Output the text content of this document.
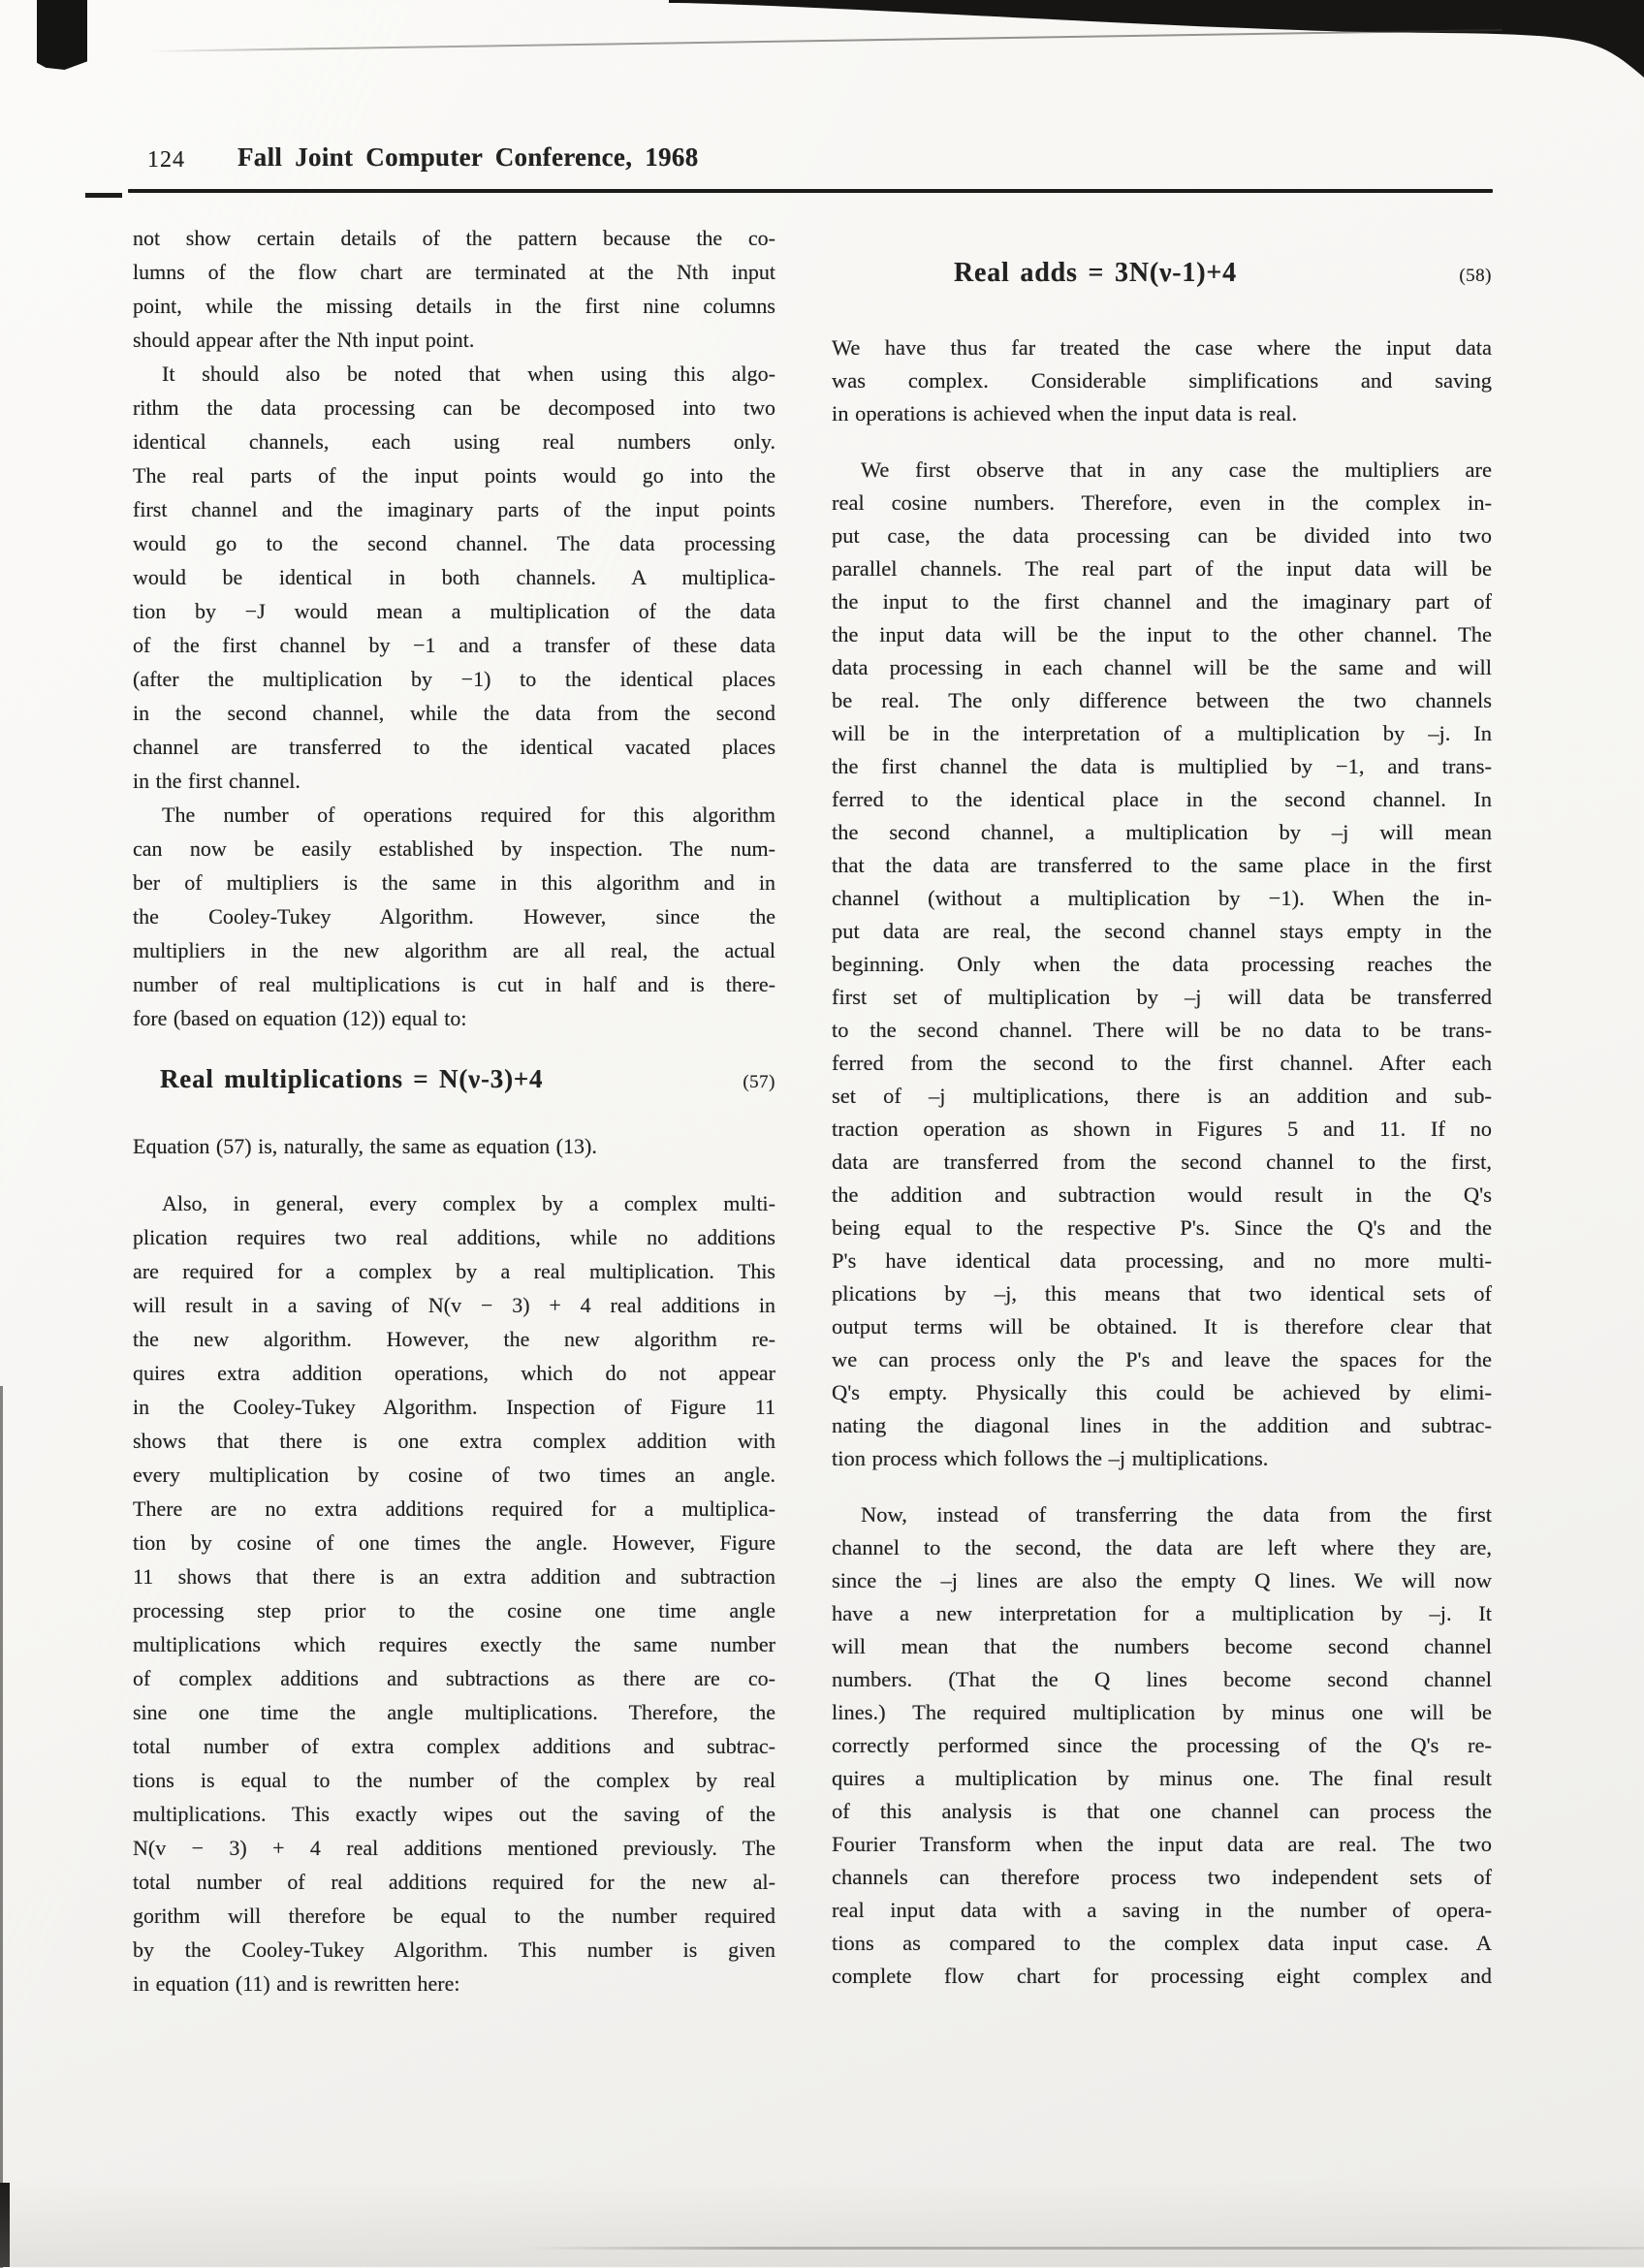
124 Fall Joint Computer Conference, 1968
not show certain details of the pattern because the co-
lumns of the flow chart are terminated at the Nth input
point, while the missing details in the first nine columns
should appear after the Nth input point.
It should also be noted that when using this algo-
rithm the data processing can be decomposed into two
identical channels, each using real numbers only.
The real parts of the input points would go into the
first channel and the imaginary parts of the input points
would go to the second channel. The data processing
would be identical in both channels. A multiplica-
tion by −J would mean a multiplication of the data
of the first channel by −1 and a transfer of these data
(after the multiplication by −1) to the identical places
in the second channel, while the data from the second
channel are transferred to the identical vacated places
in the first channel.
The number of operations required for this algorithm
can now be easily established by inspection. The num-
ber of multipliers is the same in this algorithm and in
the Cooley-Tukey Algorithm. However, since the
multipliers in the new algorithm are all real, the actual
number of real multiplications is cut in half and is there-
fore (based on equation (12)) equal to:
Real multiplications = N(ν-3)+4	(57)
Equation (57) is, naturally, the same as equation (13).
Also, in general, every complex by a complex multi-
plication requires two real additions, while no additions
are required for a complex by a real multiplication. This
will result in a saving of N(v − 3) + 4 real additions in
the new algorithm. However, the new algorithm re-
quires extra addition operations, which do not appear
in the Cooley-Tukey Algorithm. Inspection of Figure 11
shows that there is one extra complex addition with
every multiplication by cosine of two times an angle.
There are no extra additions required for a multiplica-
tion by cosine of one times the angle. However, Figure
11 shows that there is an extra addition and subtraction
processing step prior to the cosine one time angle
multiplications which requires exectly the same number
of complex additions and subtractions as there are co-
sine one time the angle multiplications. Therefore, the
total number of extra complex additions and subtrac-
tions is equal to the number of the complex by real
multiplications. This exactly wipes out the saving of the
N(v − 3) + 4 real additions mentioned previously. The
total number of real additions required for the new al-
gorithm will therefore be equal to the number required
by the Cooley-Tukey Algorithm. This number is given
in equation (11) and is rewritten here:
Real adds = 3N(ν-1)+4	(58)
We have thus far treated the case where the input data
was complex. Considerable simplifications and saving
in operations is achieved when the input data is real.
We first observe that in any case the multipliers are
real cosine numbers. Therefore, even in the complex in-
put case, the data processing can be divided into two
parallel channels. The real part of the input data will be
the input to the first channel and the imaginary part of
the input data will be the input to the other channel. The
data processing in each channel will be the same and will
be real. The only difference between the two channels
will be in the interpretation of a multiplication by –j. In
the first channel the data is multiplied by −1, and trans-
ferred to the identical place in the second channel. In
the second channel, a multiplication by –j will mean
that the data are transferred to the same place in the first
channel (without a multiplication by −1). When the in-
put data are real, the second channel stays empty in the
beginning. Only when the data processing reaches the
first set of multiplication by –j will data be transferred
to the second channel. There will be no data to be trans-
ferred from the second to the first channel. After each
set of –j multiplications, there is an addition and sub-
traction operation as shown in Figures 5 and 11. If no
data are transferred from the second channel to the first,
the addition and subtraction would result in the Q's
being equal to the respective P's. Since the Q's and the
P's have identical data processing, and no more multi-
plications by –j, this means that two identical sets of
output terms will be obtained. It is therefore clear that
we can process only the P's and leave the spaces for the
Q's empty. Physically this could be achieved by elimi-
nating the diagonal lines in the addition and subtrac-
tion process which follows the –j multiplications.
Now, instead of transferring the data from the first
channel to the second, the data are left where they are,
since the –j lines are also the empty Q lines. We will now
have a new interpretation for a multiplication by –j. It
will mean that the numbers become second channel
numbers. (That the Q lines become second channel
lines.) The required multiplication by minus one will be
correctly performed since the processing of the Q's re-
quires a multiplication by minus one. The final result
of this analysis is that one channel can process the
Fourier Transform when the input data are real. The two
channels can therefore process two independent sets of
real input data with a saving in the number of opera-
tions as compared to the complex data input case. A
complete flow chart for processing eight complex and
